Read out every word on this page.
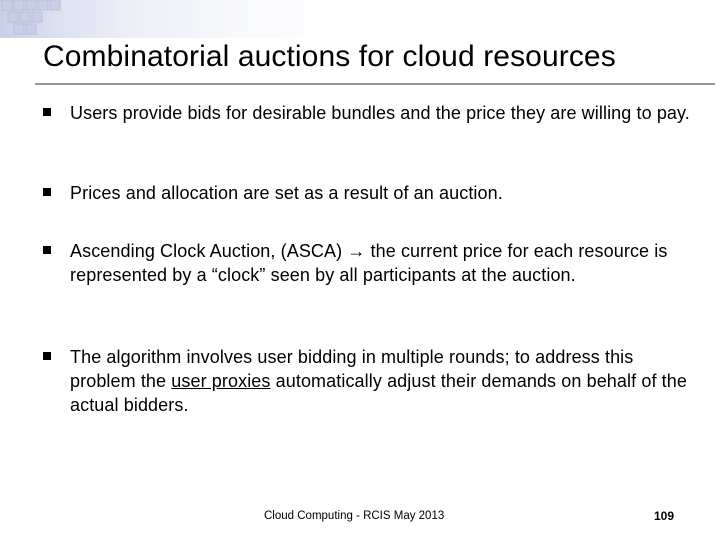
Combinatorial auctions for cloud resources
Users provide bids for desirable bundles and the price they are willing to pay.
Prices and allocation are set as a result of an auction.
Ascending Clock Auction, (ASCA) → the current price for each resource is represented by a “clock” seen by all participants at the auction.
The algorithm involves user bidding in multiple rounds; to address this problem the user proxies automatically adjust their demands on behalf of the actual bidders.
Cloud Computing - RCIS May 2013	109
